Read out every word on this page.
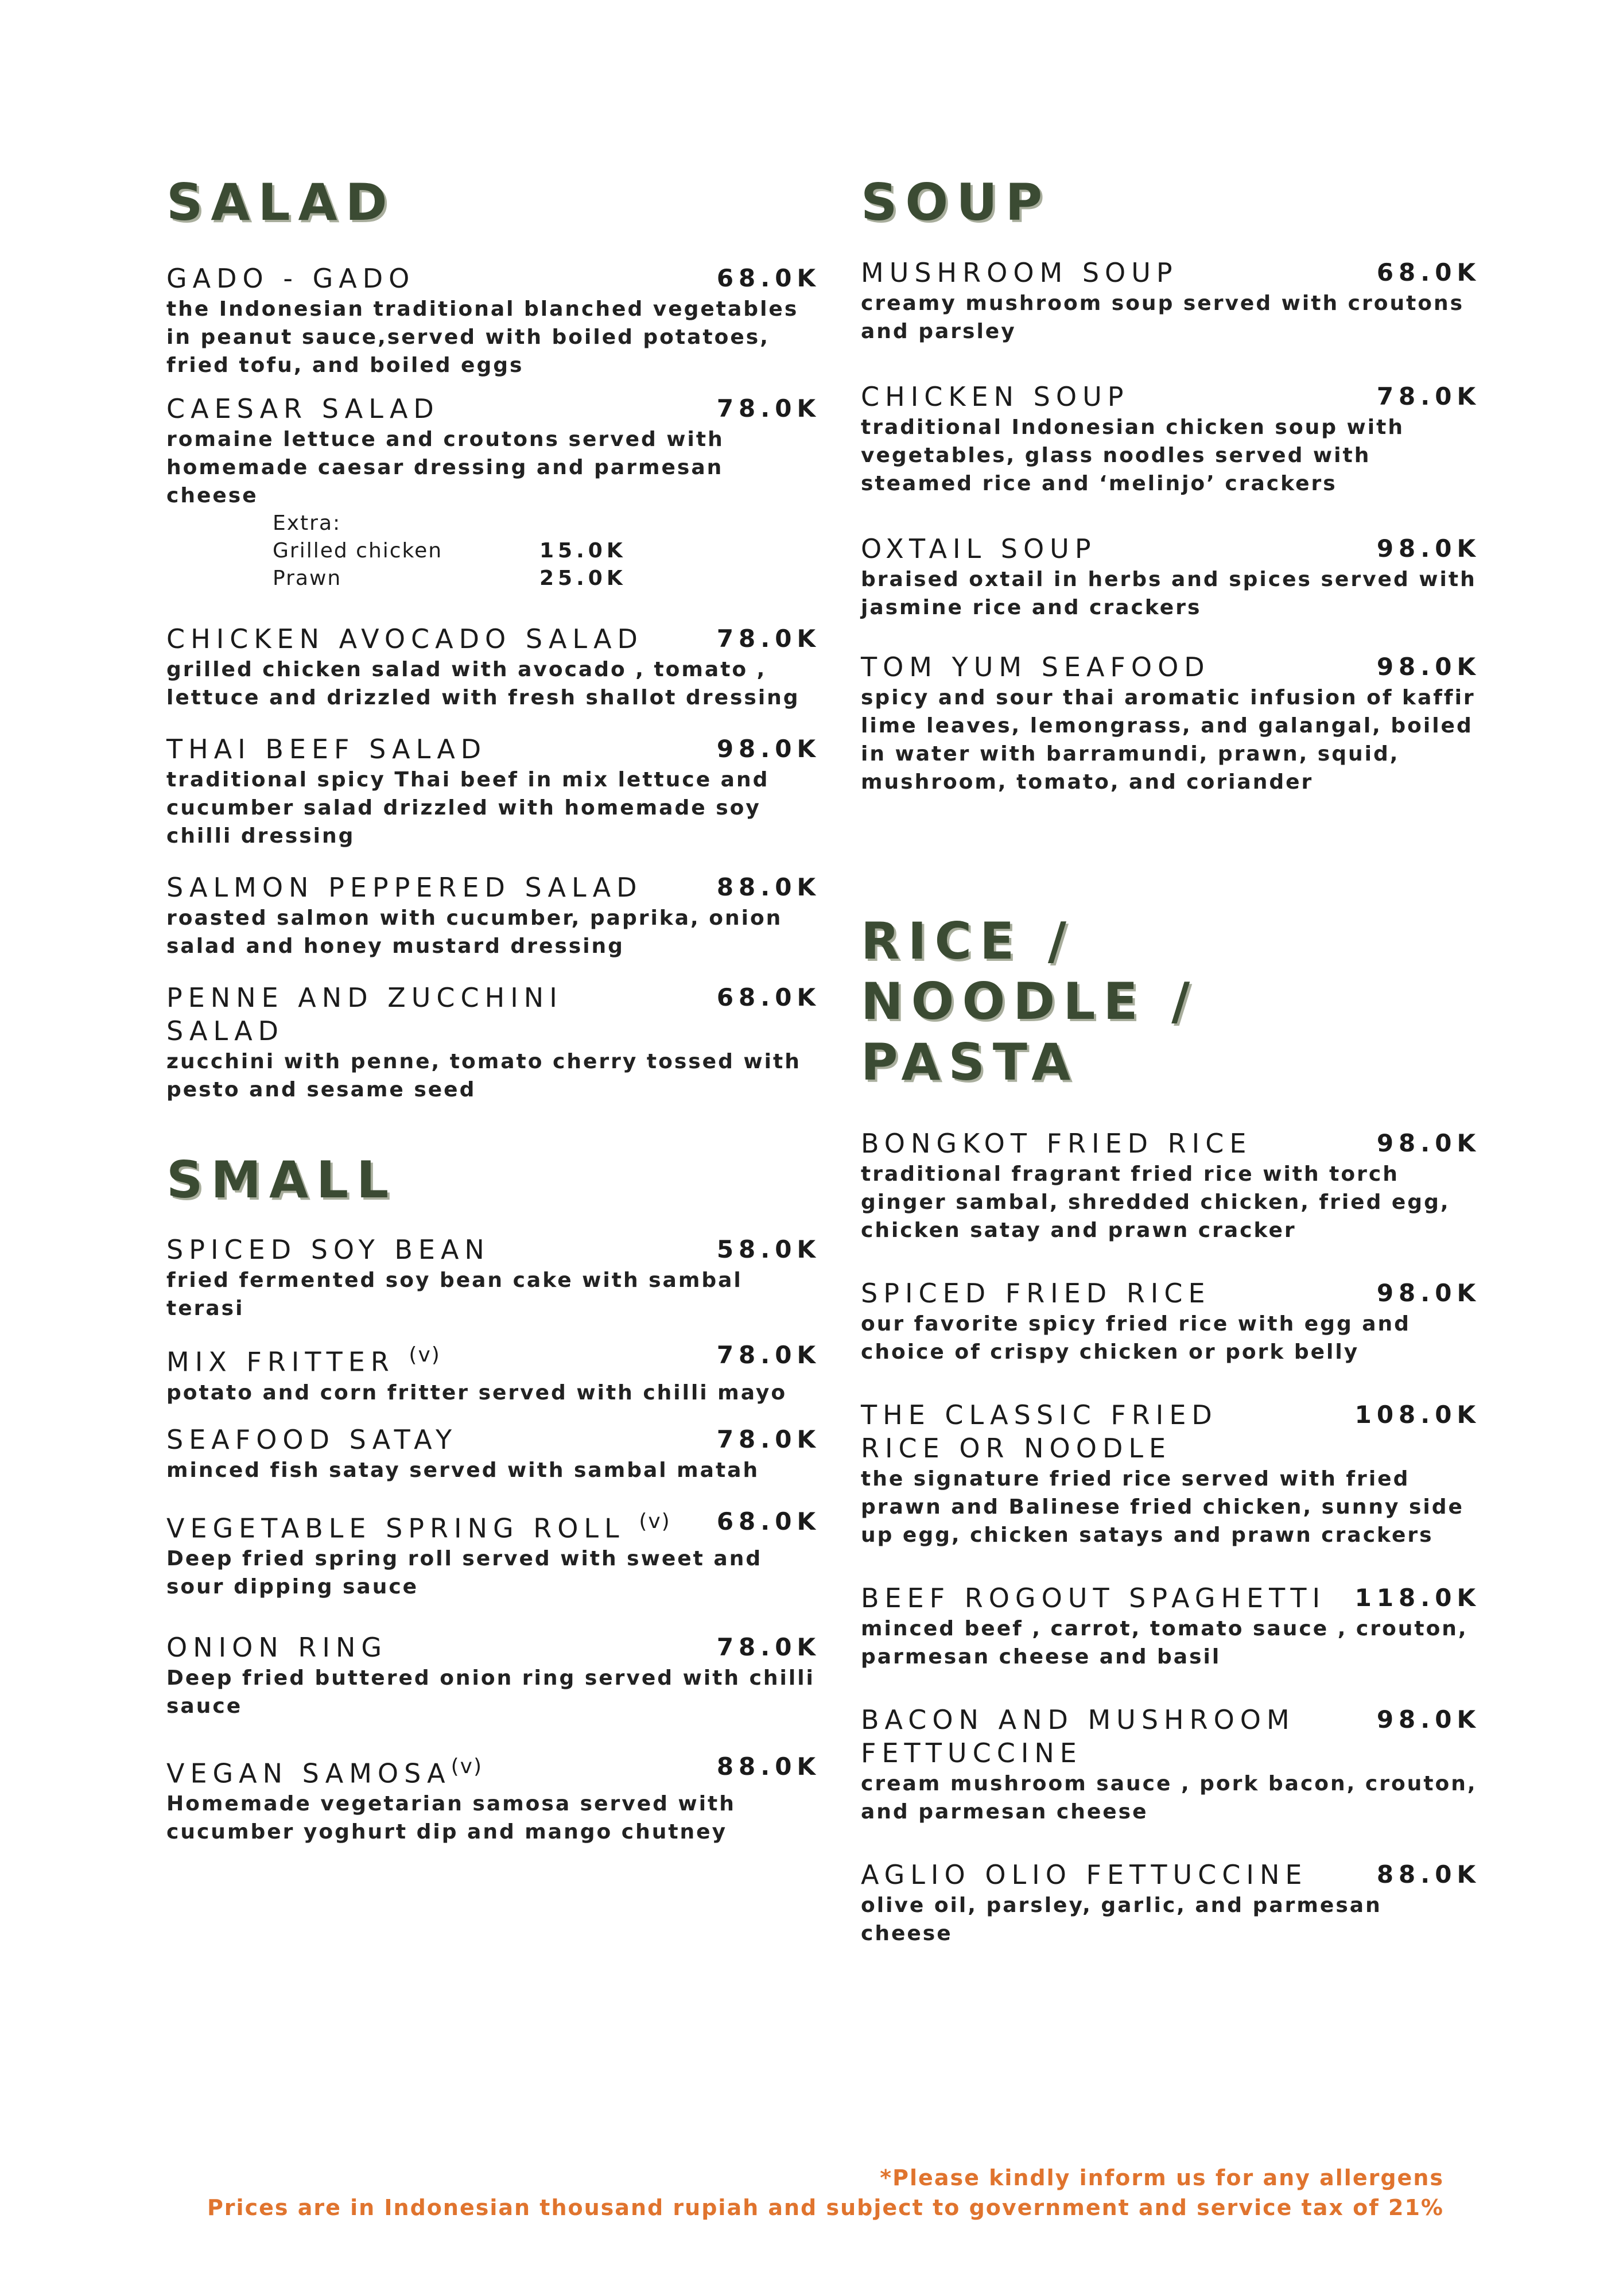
SALAD
GADO - GADO	68.0K
the Indonesian traditional blanched vegetables in peanut sauce,served with boiled potatoes, fried tofu, and boiled eggs
CAESAR SALAD	78.0K
romaine lettuce and croutons served with homemade caesar dressing and parmesan cheese
Extra:
Grilled chicken	15.0K
Prawn	25.0K
CHICKEN AVOCADO SALAD	78.0K
grilled chicken salad with avocado , tomato , lettuce and drizzled with fresh shallot dressing
THAI BEEF SALAD	98.0K
traditional spicy Thai beef in mix lettuce and cucumber salad drizzled with homemade soy chilli dressing
SALMON PEPPERED SALAD	88.0K
roasted salmon with cucumber, paprika, onion salad and honey mustard dressing
PENNE AND ZUCCHINI SALAD
68.0K
zucchini with penne, tomato cherry tossed with pesto and sesame seed
SMALL
SPICED SOY BEAN	58.0K
fried fermented soy bean cake with sambal terasi
MIX FRITTER $^{(v)}$	78.0K
potato and corn fritter served with chilli mayo
SEAFOOD SATAY	78.0K
minced fish satay served with sambal matah
VEGETABLE SPRING ROLL $^{(v)}$	68.0K
Deep fried spring roll served with sweet and sour dipping sauce
ONION RING	78.0K
Deep fried buttered onion ring served with chilli sauce
VEGAN SAMOSA$^{(v)}$	88.0K
Homemade vegetarian samosa served with cucumber yoghurt dip and mango chutney
SOUP
MUSHROOM SOUP	68.0K
creamy mushroom soup served with croutons and parsley
CHICKEN SOUP	78.0K
traditional Indonesian chicken soup with vegetables, glass noodles served with steamed rice and ‘melinjo’ crackers
OXTAIL SOUP	98.0K
braised oxtail in herbs and spices served with jasmine rice and crackers
TOM YUM SEAFOOD	98.0K
spicy and sour thai aromatic infusion of kaffir lime leaves, lemongrass, and galangal, boiled in water with barramundi, prawn, squid, mushroom, tomato, and coriander
RICE / NOODLE / PASTA
BONGKOT FRIED RICE	98.0K
traditional fragrant fried rice with torch ginger sambal, shredded chicken, fried egg, chicken satay and prawn cracker
SPICED FRIED RICE	98.0K
our favorite spicy fried rice with egg and choice of crispy chicken or pork belly
THE CLASSIC FRIED RICE OR NOODLE
108.0K
the signature fried rice served with fried prawn and Balinese fried chicken, sunny side up egg, chicken satays and prawn crackers
BEEF ROGOUT SPAGHETTI	118.0K
minced beef , carrot, tomato sauce , crouton, parmesan cheese and basil
BACON AND MUSHROOM FETTUCCINE
98.0K
cream mushroom sauce , pork bacon, crouton, and parmesan cheese
AGLIO OLIO FETTUCCINE	88.0K
olive oil, parsley, garlic, and parmesan cheese
*Please kindly inform us for any allergens
Prices are in Indonesian thousand rupiah and subject to government and service tax of 21%
